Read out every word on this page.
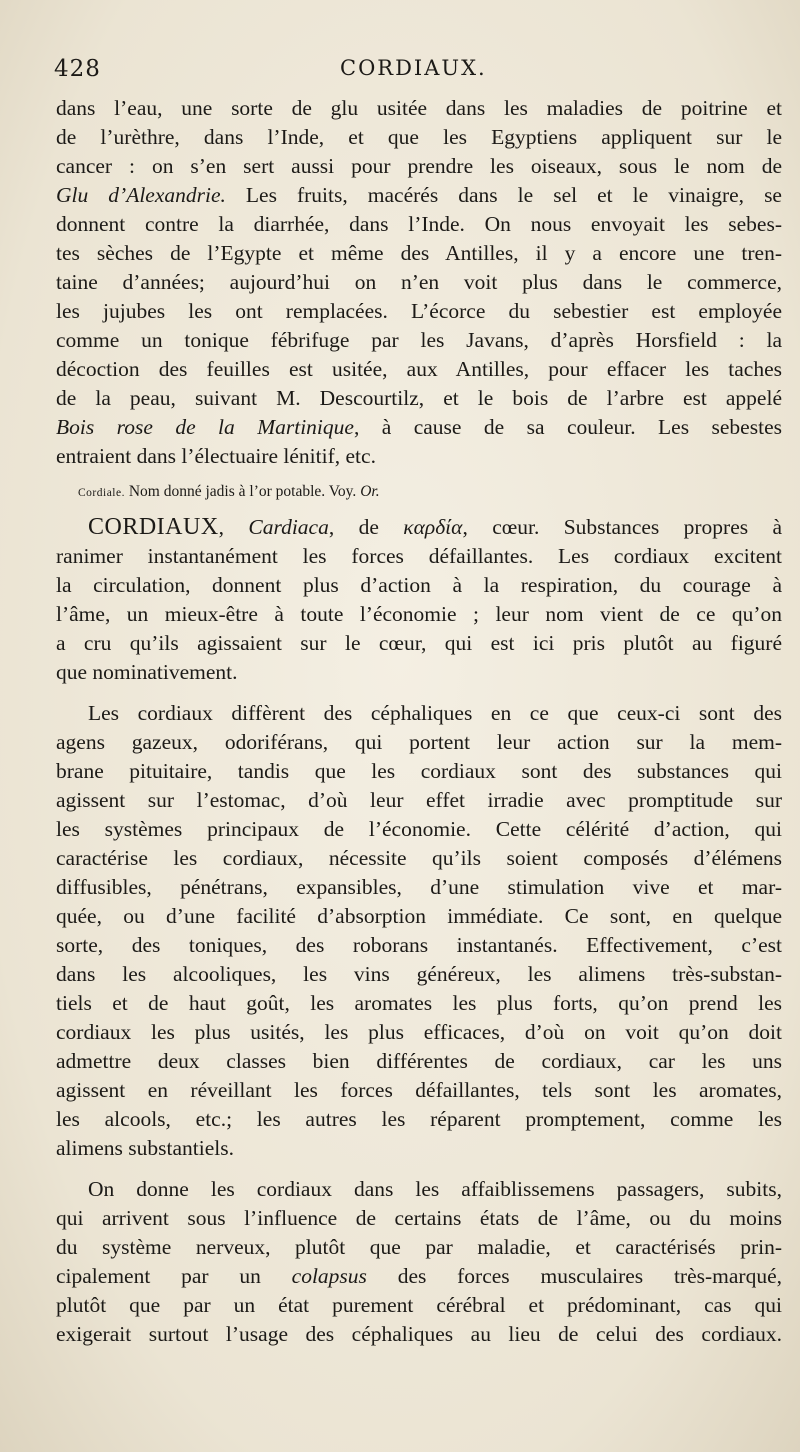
428	CORDIAUX.
dans l’eau, une sorte de glu usitée dans les maladies de poitrine et
de l’urèthre, dans l’Inde, et que les Egyptiens appliquent sur le
cancer : on s’en sert aussi pour prendre les oiseaux, sous le nom de
Glu d’Alexandrie. Les fruits, macérés dans le sel et le vinaigre, se
donnent contre la diarrhée, dans l’Inde. On nous envoyait les sebes-
tes sèches de l’Egypte et même des Antilles, il y a encore une tren-
taine d’années; aujourd’hui on n’en voit plus dans le commerce,
les jujubes les ont remplacées. L’écorce du sebestier est employée
comme un tonique fébrifuge par les Javans, d’après Horsfield : la
décoction des feuilles est usitée, aux Antilles, pour effacer les taches
de la peau, suivant M. Descourtilz, et le bois de l’arbre est appelé
Bois rose de la Martinique, à cause de sa couleur. Les sebestes
entraient dans l’électuaire lénitif, etc.
Cordiale. Nom donné jadis à l’or potable. Voy. Or.
CORDIAUX, Cardiaca, de καρδία, cœur. Substances propres à
ranimer instantanément les forces défaillantes. Les cordiaux excitent
la circulation, donnent plus d’action à la respiration, du courage à
l’âme, un mieux-être à toute l’économie ; leur nom vient de ce qu’on
a cru qu’ils agissaient sur le cœur, qui est ici pris plutôt au figuré
que nominativement.
Les cordiaux diffèrent des céphaliques en ce que ceux-ci sont des
agens gazeux, odoriférans, qui portent leur action sur la mem-
brane pituitaire, tandis que les cordiaux sont des substances qui
agissent sur l’estomac, d’où leur effet irradie avec promptitude sur
les systèmes principaux de l’économie. Cette célérité d’action, qui
caractérise les cordiaux, nécessite qu’ils soient composés d’élémens
diffusibles, pénétrans, expansibles, d’une stimulation vive et mar-
quée, ou d’une facilité d’absorption immédiate. Ce sont, en quelque
sorte, des toniques, des roborans instantanés. Effectivement, c’est
dans les alcooliques, les vins généreux, les alimens très-substan-
tiels et de haut goût, les aromates les plus forts, qu’on prend les
cordiaux les plus usités, les plus efficaces, d’où on voit qu’on doit
admettre deux classes bien différentes de cordiaux, car les uns
agissent en réveillant les forces défaillantes, tels sont les aromates,
les alcools, etc.; les autres les réparent promptement, comme les
alimens substantiels.
On donne les cordiaux dans les affaiblissemens passagers, subits,
qui arrivent sous l’influence de certains états de l’âme, ou du moins
du système nerveux, plutôt que par maladie, et caractérisés prin-
cipalement par un colapsus des forces musculaires très-marqué,
plutôt que par un état purement cérébral et prédominant, cas qui
exigerait surtout l’usage des céphaliques au lieu de celui des cordiaux.
